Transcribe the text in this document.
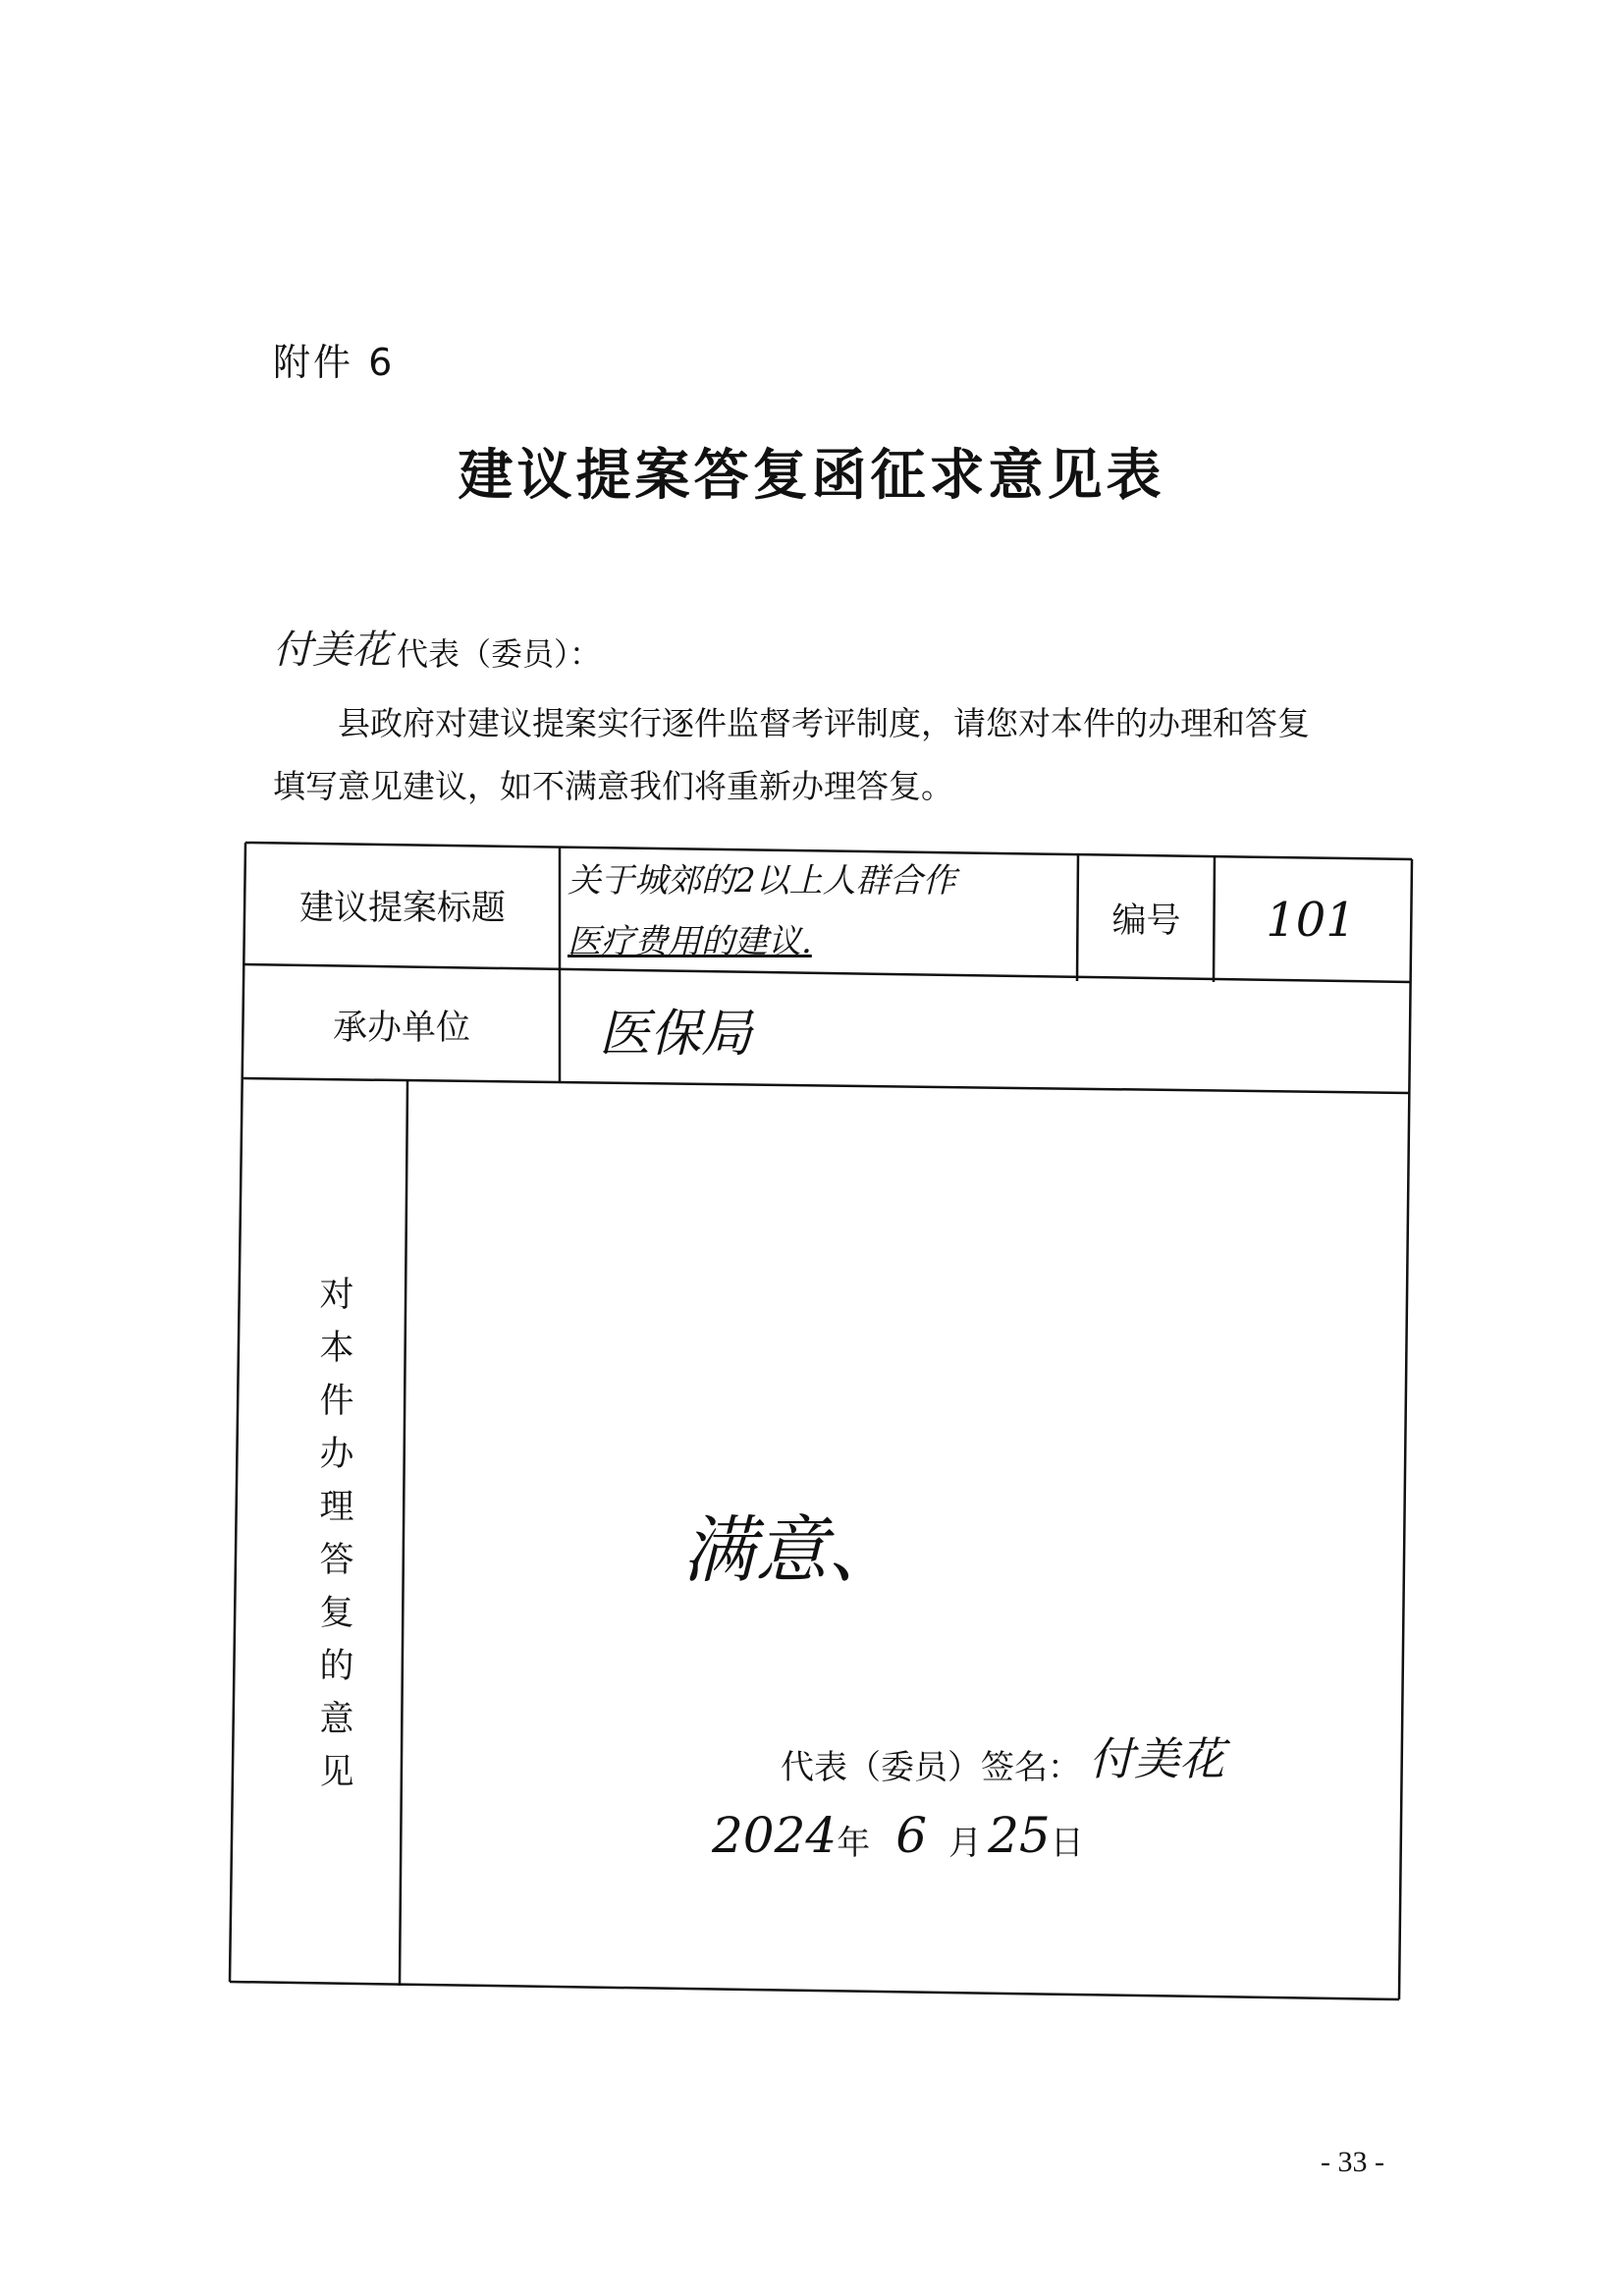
附件 6
建议提案答复函征求意见表
付美花 代表（委员）：
县政府对建议提案实行逐件监督考评制度，请您对本件的办理和答复
填写意见建议，如不满意我们将重新办理答复。
建议提案标题
关于城郊的2以上人群合作
医疗费用的建议.
编号	101
承办单位	医保局
对
本
件
办
理
答
复
的
意
见
满意、
代表（委员）签名： 付美花
2024 年 6 月 25 日
- 33 -
